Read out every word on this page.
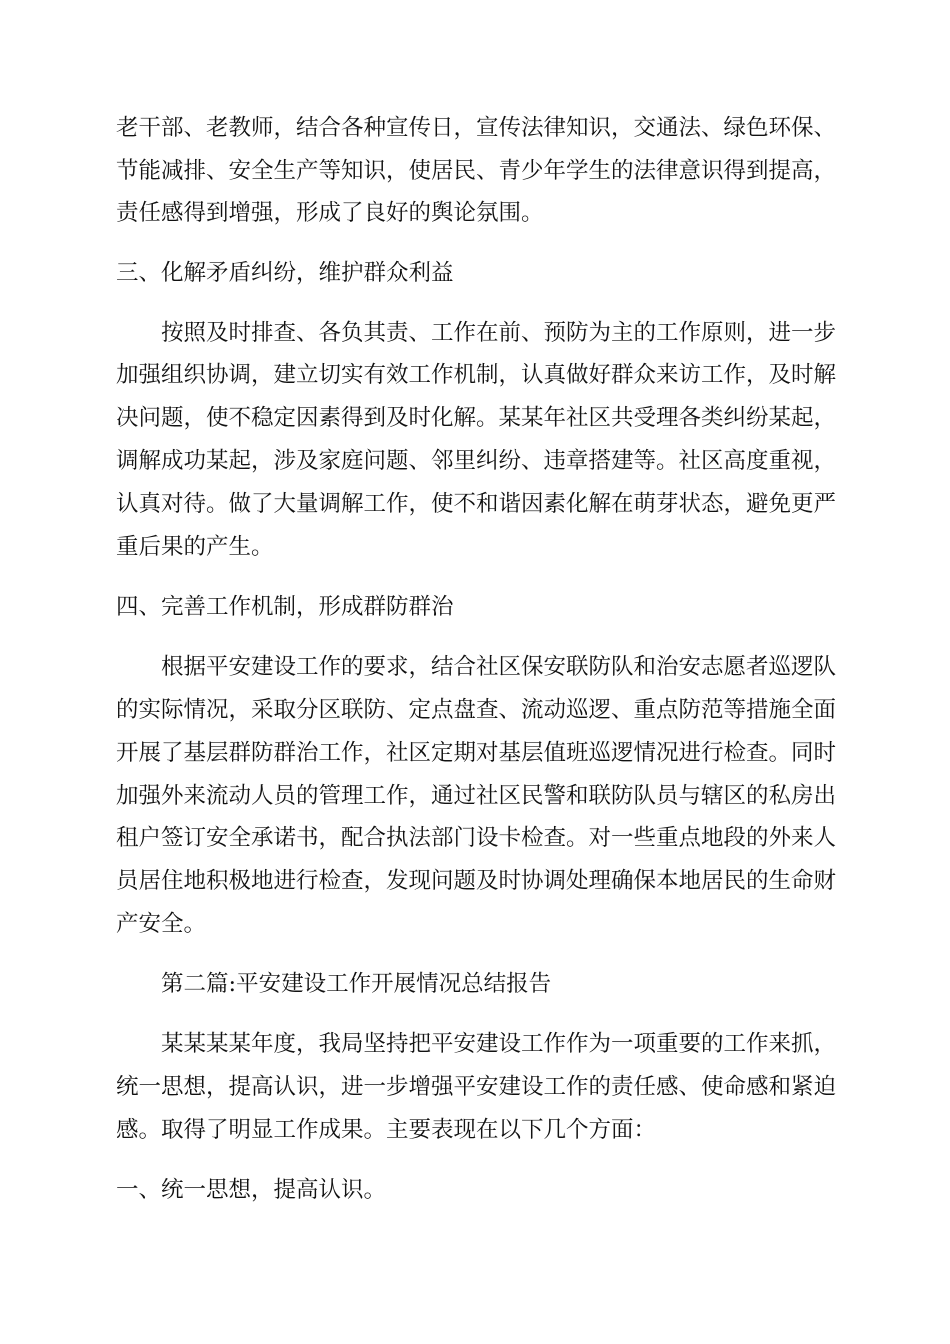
老干部、老教师，结合各种宣传日，宣传法律知识，交通法、绿色环保、
节能减排、安全生产等知识，使居民、青少年学生的法律意识得到提高，
责任感得到增强，形成了良好的舆论氛围。
三、化解矛盾纠纷，维护群众利益
按照及时排查、各负其责、工作在前、预防为主的工作原则，进一步
加强组织协调，建立切实有效工作机制，认真做好群众来访工作，及时解
决问题，使不稳定因素得到及时化解。某某年社区共受理各类纠纷某起，
调解成功某起，涉及家庭问题、邻里纠纷、违章搭建等。社区高度重视，
认真对待。做了大量调解工作，使不和谐因素化解在萌芽状态，避免更严
重后果的产生。
四、完善工作机制，形成群防群治
根据平安建设工作的要求，结合社区保安联防队和治安志愿者巡逻队
的实际情况，采取分区联防、定点盘查、流动巡逻、重点防范等措施全面
开展了基层群防群治工作，社区定期对基层值班巡逻情况进行检查。同时
加强外来流动人员的管理工作，通过社区民警和联防队员与辖区的私房出
租户签订安全承诺书，配合执法部门设卡检查。对一些重点地段的外来人
员居住地积极地进行检查，发现问题及时协调处理确保本地居民的生命财
产安全。
第二篇:平安建设工作开展情况总结报告
某某某某年度，我局坚持把平安建设工作作为一项重要的工作来抓，
统一思想，提高认识，进一步增强平安建设工作的责任感、使命感和紧迫
感。取得了明显工作成果。主要表现在以下几个方面：
一、统一思想，提高认识。
